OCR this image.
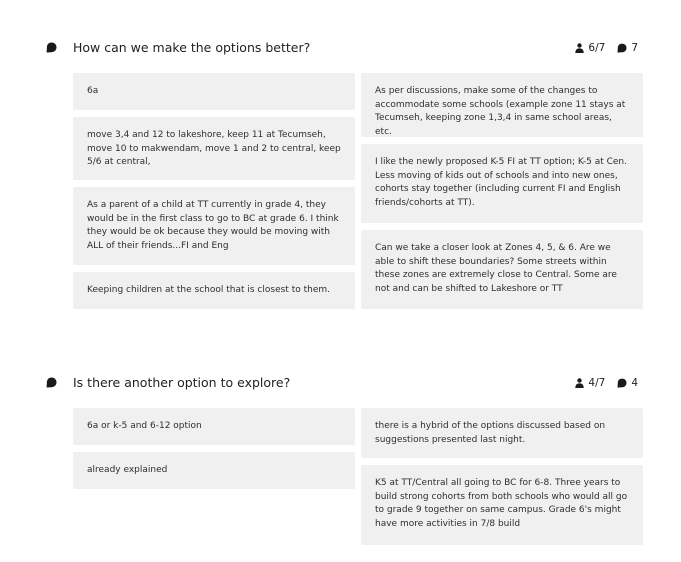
How can we make the options better?	6/7 7
6a
move 3,4 and 12 to lakeshore, keep 11 at Tecumseh, move 10 to makwendam, move 1 and 2 to central, keep 5/6 at central,
As a parent of a child at TT currently in grade 4, they would be in the first class to go to BC at grade 6. I think they would be ok because they would be moving with ALL of their friends...FI and Eng
Keeping children at the school that is closest to them.
As per discussions, make some of the changes to accommodate some schools (example zone 11 stays at Tecumseh, keeping zone 1,3,4 in same school areas, etc.
I like the newly proposed K-5 FI at TT option; K-5 at Cen. Less moving of kids out of schools and into new ones, cohorts stay together (including current FI and English friends/cohorts at TT).
Can we take a closer look at Zones 4, 5, & 6. Are we able to shift these boundaries? Some streets within these zones are extremely close to Central. Some are not and can be shifted to Lakeshore or TT
Is there another option to explore?	4/7 4
6a or k-5 and 6-12 option
already explained
there is a hybrid of the options discussed based on suggestions presented last night.
K5 at TT/Central all going to BC for 6-8. Three years to build strong cohorts from both schools who would all go to grade 9 together on same campus. Grade 6's might have more activities in 7/8 build
